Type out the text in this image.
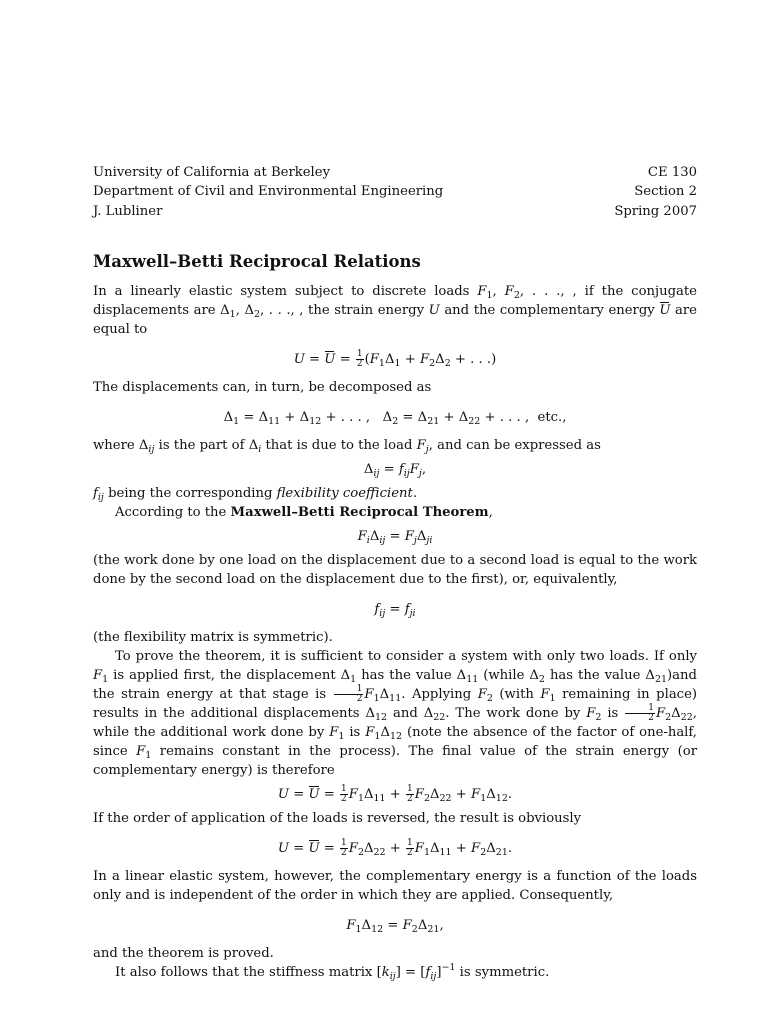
University of California at Berkeley
Department of Civil and Environmental Engineering
J. Lubliner
CE 130
Section 2
Spring 2007
Maxwell–Betti Reciprocal Relations

In a linearly elastic system subject to discrete loads $F_1$, $F_2$, . . ., , if the conjugate displacements are $\Delta_1$, $\Delta_2$, . . ., , the strain energy U and the complementary energy U are equal to

$U = U = \frac{1}{2} (F_1\Delta_1 + F_2\Delta_2$ + . . .)

The displacements can, in turn, be decomposed as

$\Delta_1 = \Delta_{11} + \Delta_{12}$ + . . . ,   $\Delta_2 = \Delta_{21} + \Delta_{22}$ + . . . ,  etc.,

where $\Delta_{ij}$ is the part of $\Delta_i$ that is due to the load $F_j$, and can be expressed as

$\Delta_{ij} = f_{ij}F_j$,

$f_{ij}$ being the corresponding flexibility coefficient.

According to the Maxwell–Betti Reciprocal Theorem,

$F_i\Delta_{ij} = F_j\Delta_{ji}$

(the work done by one load on the displacement due to a second load is equal to the work done by the second load on the displacement due to the first), or, equivalently,

$f_{ij} = f_{ji}$

(the flexibility matrix is symmetric).

To prove the theorem, it is sufficient to consider a system with only two loads. If only $F_1$ is applied first, the displacement $\Delta_1$ has the value $\Delta_{11}$ (while $\Delta_2$ has the value $\Delta_{21})and$ the strain energy at that stage is $\frac{1}{2} F_1\Delta_{11}$. Applying $F_2$ (with $F_1$ remaining in place) results in the additional displacements $\Delta_{12}$ and $\Delta_{22}$. The work done by $F_2$ is $\frac{1}{2} F_2\Delta_{22}$, while the additional work done by $F_1$ is $F_1\Delta_{12}$ (note the absence of the factor of one-half, since $F_1$ remains constant in the process). The final value of the strain energy (or complementary energy) is therefore

$U = U = \frac{1}{2} F_1\Delta_{11} + \frac{1}{2} F_2\Delta_{22} + F_1\Delta_{12}$.

If the order of application of the loads is reversed, the result is obviously

$U = U = \frac{1}{2} F_2\Delta_{22} + \frac{1}{2} F_1\Delta_{11} + F_2\Delta_{21}$.

In a linear elastic system, however, the complementary energy is a function of the loads only and is independent of the order in which they are applied. Consequently,

$F_1\Delta_{12} = F_2\Delta_{21}$,

and the theorem is proved.

It also follows that the stiffness matrix $[k_{ij}] = [f_{ij}]^{-1}$ is symmetric.
